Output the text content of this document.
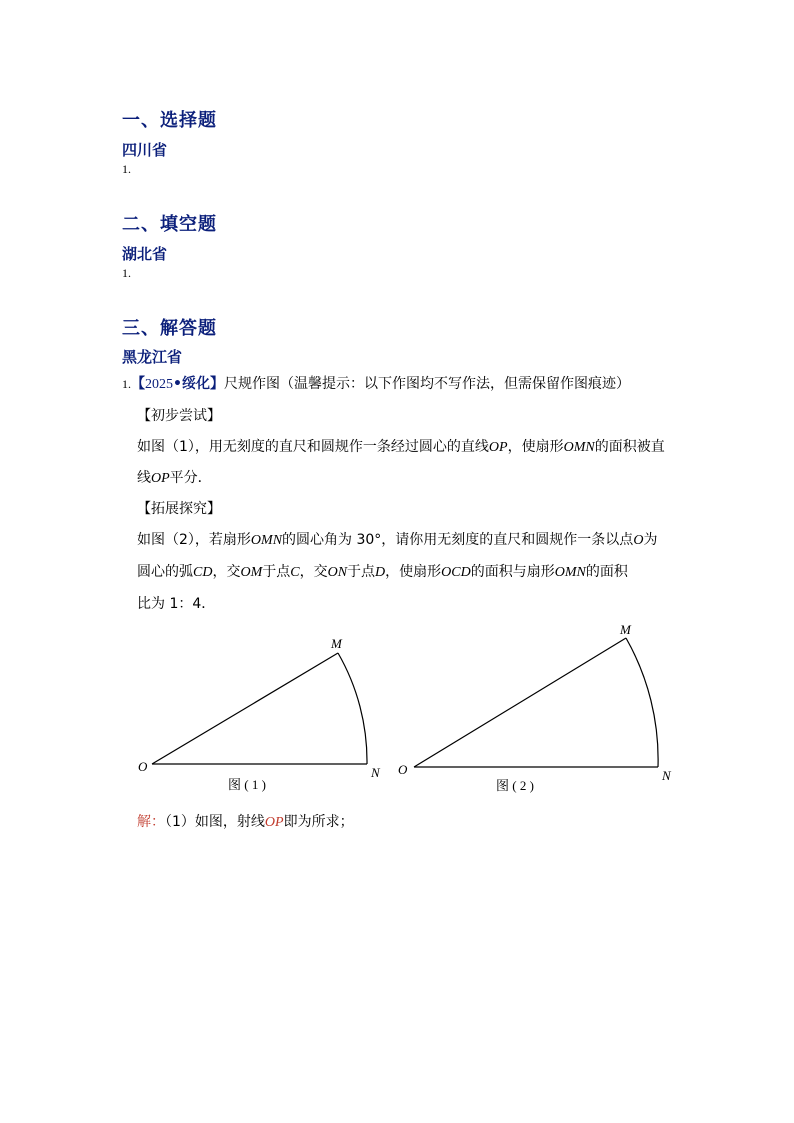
一、选择题
四川省
1.
二、填空题
湖北省
1.
三、解答题
黑龙江省
1.【2025•绥化】尺规作图（温馨提示：以下作图均不写作法，但需保留作图痕迹）
【初步尝试】
如图（1），用无刻度的直尺和圆规作一条经过圆心的直线OP，使扇形OMN的面积被直
线OP平分．
【拓展探究】
如图（2），若扇形OMN的圆心角为 30°，请你用无刻度的直尺和圆规作一条以点O为
圆心的弧CD，交OM于点C，交ON于点D，使扇形OCD的面积与扇形OMN的面积
比为 1：4．
O
M
N
图 ( 1 )
O
M
N
图 ( 2 )
解：（1）如图，射线OP即为所求；
